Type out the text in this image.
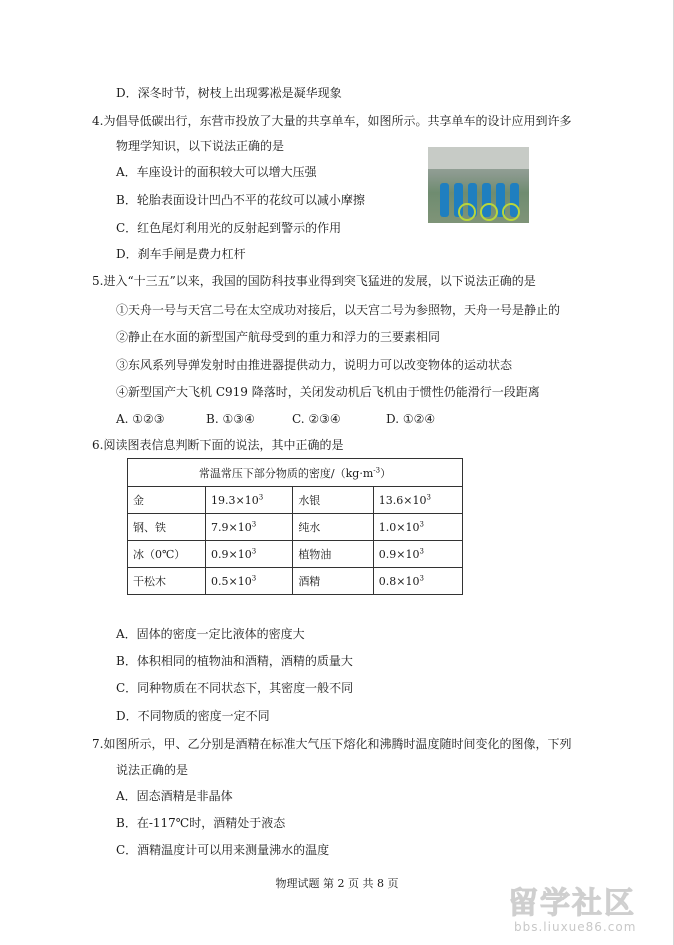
D．深冬时节，树枝上出现雾凇是凝华现象
4.为倡导低碳出行，东营市投放了大量的共享单车，如图所示。共享单车的设计应用到许多
物理学知识，以下说法正确的是
A．车座设计的面积较大可以增大压强
B．轮胎表面设计凹凸不平的花纹可以减小摩擦
C．红色尾灯利用光的反射起到警示的作用
D．刹车手闸是费力杠杆
5.进入“十三五”以来，我国的国防科技事业得到突飞猛进的发展，以下说法正确的是
①天舟一号与天宫二号在太空成功对接后，以天宫二号为参照物，天舟一号是静止的
②静止在水面的新型国产航母受到的重力和浮力的三要素相同
③东风系列导弹发射时由推进器提供动力，说明力可以改变物体的运动状态
④新型国产大飞机 C919 降落时，关闭发动机后飞机由于惯性仍能滑行一段距离
A. ①②③	B. ①③④	C. ②③④	D. ①②④
6.阅读图表信息判断下面的说法，其中正确的是
常温常压下部分物质的密度$/(kg\cdot m^{-3})$			
金	$19.3\times 10^3$	水银	$13.6\times 10^3$
钢、铁	$7.9\times 10^3$	纯水	$1.0\times 10^3$
冰（0℃）	$0.9\times 10^3$	植物油	$0.9\times 10^3$
干松木	$0.5\times 10^3$	酒精	$0.8\times 10^3$
A．固体的密度一定比液体的密度大
B．体积相同的植物油和酒精，酒精的质量大
C．同种物质在不同状态下，其密度一般不同
D．不同物质的密度一定不同
7.如图所示，甲、乙分别是酒精在标准大气压下熔化和沸腾时温度随时间变化的图像，下列
说法正确的是
A．固态酒精是非晶体
B．在-117℃时，酒精处于液态
C．酒精温度计可以用来测量沸水的温度
物理试题 第 2 页 共 8 页
留学社区
bbs.liuxue86.com
